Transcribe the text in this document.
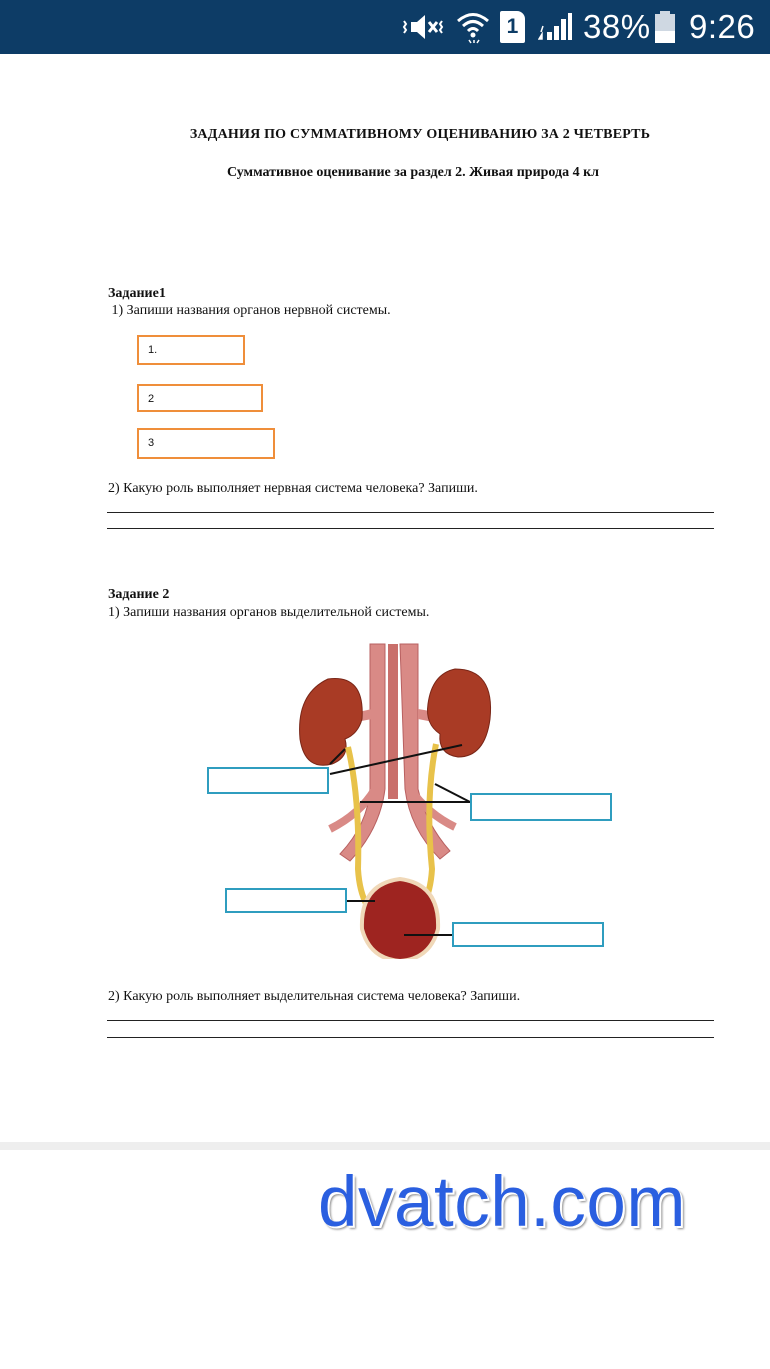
1 38% 9:26
ЗАДАНИЯ ПО СУММАТИВНОМУ ОЦЕНИВАНИЮ ЗА 2 ЧЕТВЕРТЬ
Суммативное оценивание за раздел 2. Живая природа 4 кл
Задание1
1) Запиши названия органов нервной системы.
1.
2
3
2) Какую роль выполняет нервная система человека? Запиши.
Задание 2
1) Запиши названия органов выделительной системы.
2) Какую роль выполняет выделительная система человека? Запиши.
dvatch.com
